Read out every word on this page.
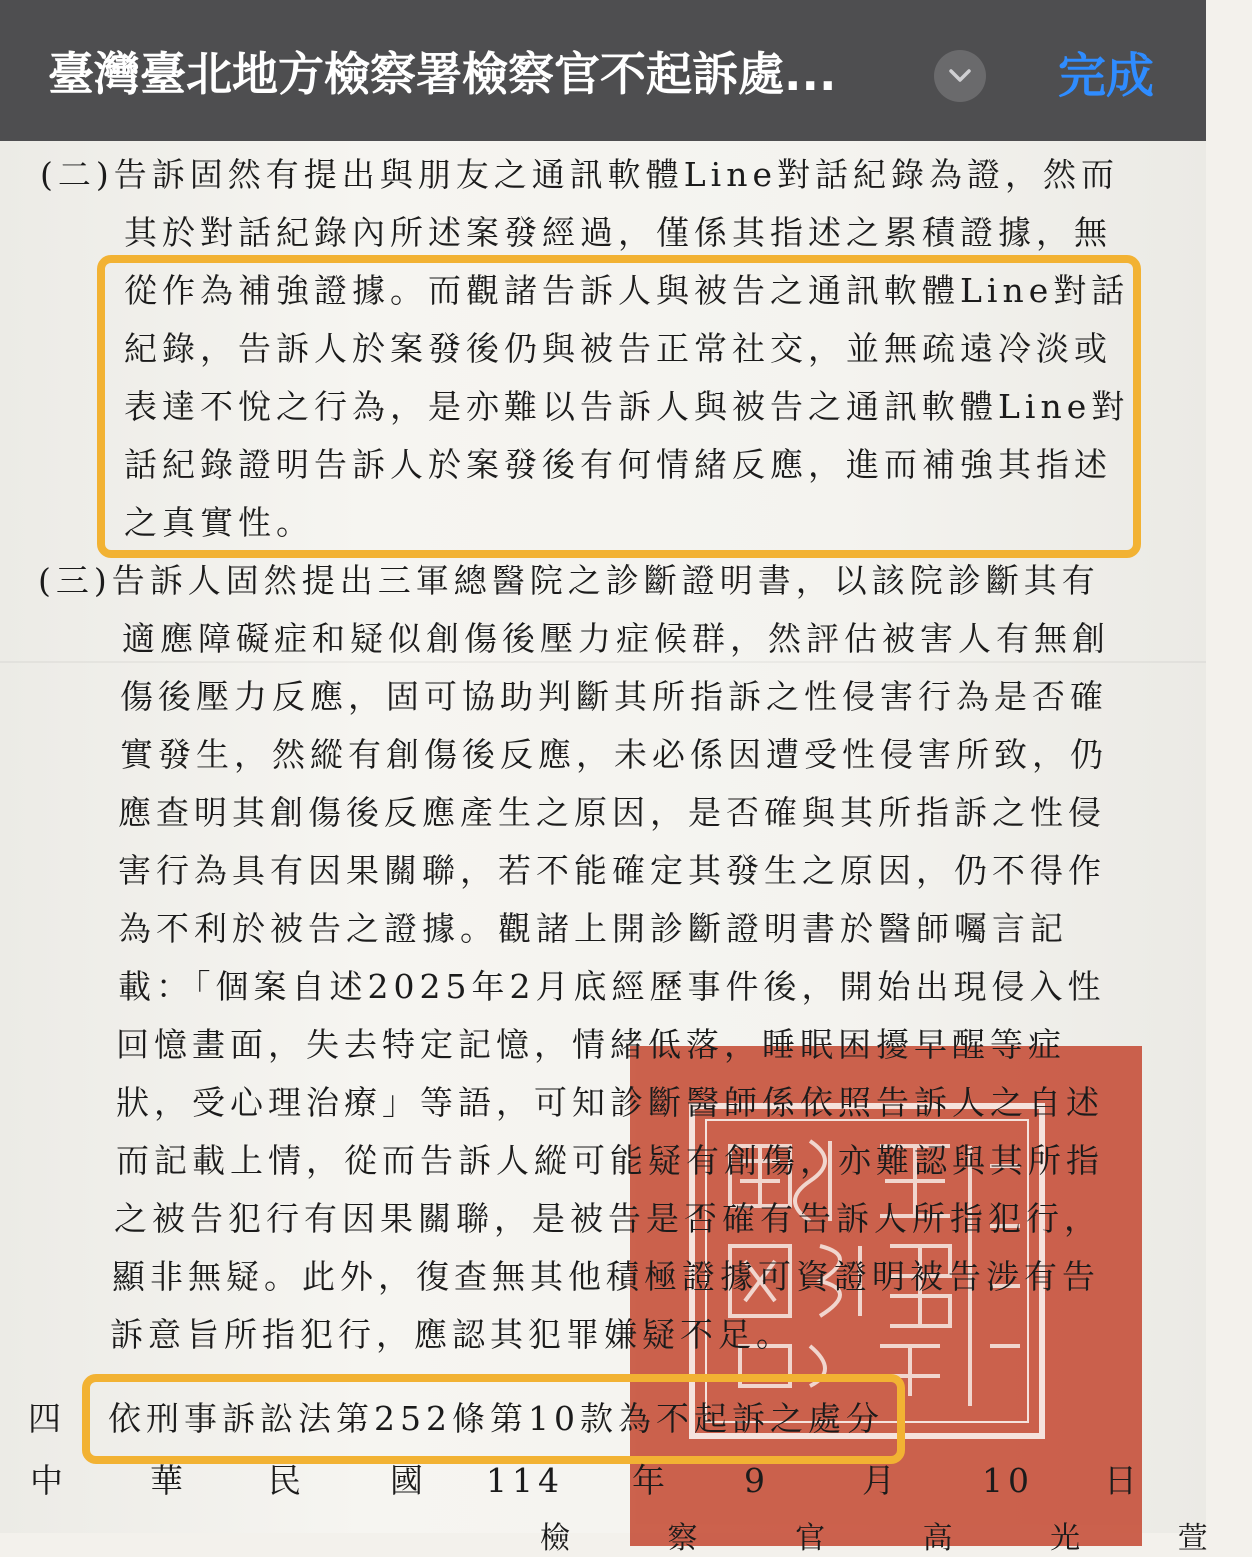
臺灣臺北地方檢察署檢察官不起訴處...	完成
(二)告訴固然有提出與朋友之通訊軟體Line對話紀錄為證，然而
其於對話紀錄內所述案發經過，僅係其指述之累積證據，無
從作為補強證據。而觀諸告訴人與被告之通訊軟體Line對話
紀錄，告訴人於案發後仍與被告正常社交，並無疏遠冷淡或
表達不悅之行為，是亦難以告訴人與被告之通訊軟體Line對
話紀錄證明告訴人於案發後有何情緒反應，進而補強其指述
之真實性。
(三)告訴人固然提出三軍總醫院之診斷證明書，以該院診斷其有
適應障礙症和疑似創傷後壓力症候群，然評估被害人有無創
傷後壓力反應，固可協助判斷其所指訴之性侵害行為是否確
實發生，然縱有創傷後反應，未必係因遭受性侵害所致，仍
應查明其創傷後反應產生之原因，是否確與其所指訴之性侵
害行為具有因果關聯，若不能確定其發生之原因，仍不得作
為不利於被告之證據。觀諸上開診斷證明書於醫師囑言記
載：「個案自述2025年2月底經歷事件後，開始出現侵入性
回憶畫面，失去特定記憶，情緒低落，睡眠困擾早醒等症
狀，受心理治療」等語，可知診斷醫師係依照告訴人之自述
而記載上情，從而告訴人縱可能疑有創傷，亦難認與其所指
之被告犯行有因果關聯，是被告是否確有告訴人所指犯行，
顯非無疑。此外，復查無其他積極證據可資證明被告涉有告
訴意旨所指犯行，應認其犯罪嫌疑不足。
四 依刑事訴訟法第252條第10款為不起訴之處分
中 華 民	國 114 年 9	月 10 日
檢 察 官 高 光 萱
